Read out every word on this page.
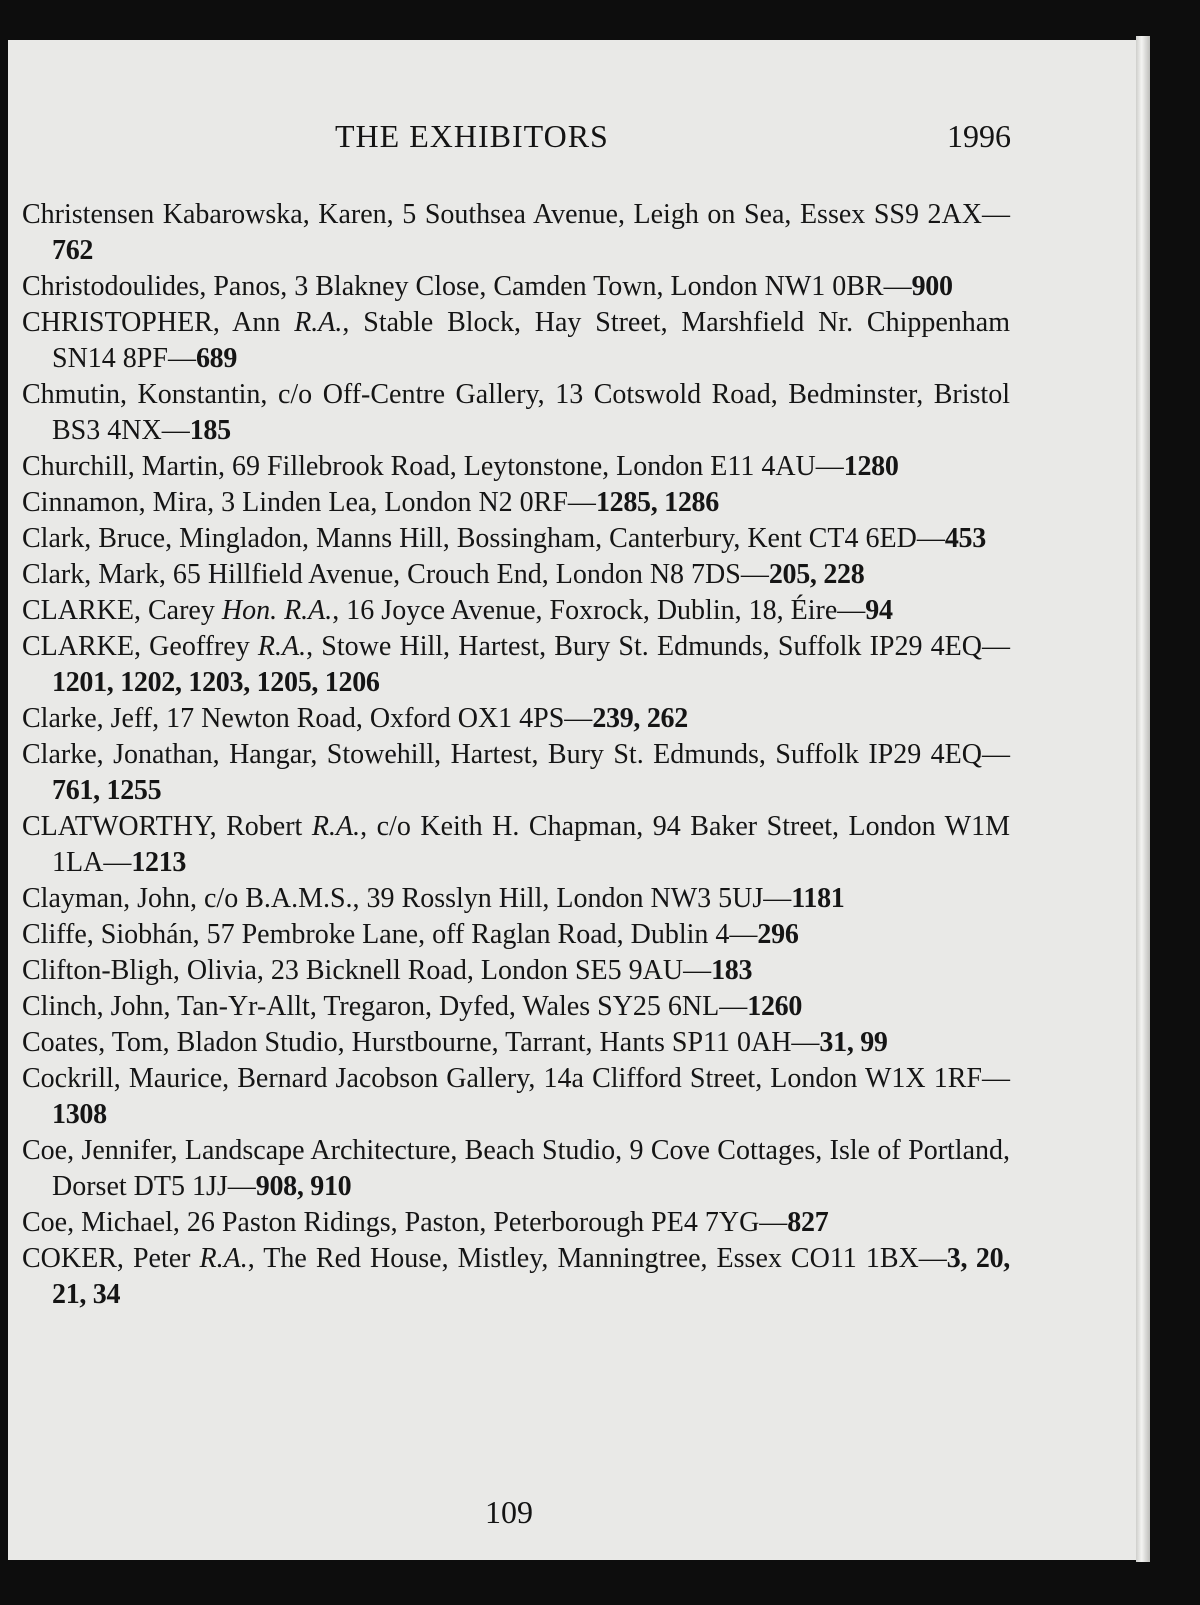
THE EXHIBITORS	1996

Christensen Kabarowska, Karen, 5 Southsea Avenue, Leigh on Sea, Essex SS9 2AX—762

Christodoulides, Panos, 3 Blakney Close, Camden Town, London NW1 0BR—900

CHRISTOPHER, Ann R.A., Stable Block, Hay Street, Marshfield Nr. Chippenham SN14 8PF—689

Chmutin, Konstantin, c/o Off-Centre Gallery, 13 Cotswold Road, Bedminster, Bristol BS3 4NX—185

Churchill, Martin, 69 Fillebrook Road, Leytonstone, London E11 4AU—1280

Cinnamon, Mira, 3 Linden Lea, London N2 0RF—1285, 1286

Clark, Bruce, Mingladon, Manns Hill, Bossingham, Canterbury, Kent CT4 6ED—453

Clark, Mark, 65 Hillfield Avenue, Crouch End, London N8 7DS—205, 228

CLARKE, Carey Hon. R.A., 16 Joyce Avenue, Foxrock, Dublin, 18, Éire—94

CLARKE, Geoffrey R.A., Stowe Hill, Hartest, Bury St. Edmunds, Suffolk IP29 4EQ—1201, 1202, 1203, 1205, 1206

Clarke, Jeff, 17 Newton Road, Oxford OX1 4PS—239, 262

Clarke, Jonathan, Hangar, Stowehill, Hartest, Bury St. Edmunds, Suffolk IP29 4EQ—761, 1255

CLATWORTHY, Robert R.A., c/o Keith H. Chapman, 94 Baker Street, London W1M 1LA—1213

Clayman, John, c/o B.A.M.S., 39 Rosslyn Hill, London NW3 5UJ—1181

Cliffe, Siobhán, 57 Pembroke Lane, off Raglan Road, Dublin 4—296

Clifton-Bligh, Olivia, 23 Bicknell Road, London SE5 9AU—183

Clinch, John, Tan-Yr-Allt, Tregaron, Dyfed, Wales SY25 6NL—1260

Coates, Tom, Bladon Studio, Hurstbourne, Tarrant, Hants SP11 0AH—31, 99

Cockrill, Maurice, Bernard Jacobson Gallery, 14a Clifford Street, London W1X 1RF—1308

Coe, Jennifer, Landscape Architecture, Beach Studio, 9 Cove Cottages, Isle of Portland, Dorset DT5 1JJ—908, 910

Coe, Michael, 26 Paston Ridings, Paston, Peterborough PE4 7YG—827

COKER, Peter R.A., The Red House, Mistley, Manningtree, Essex CO11 1BX—3, 20, 21, 34

109
